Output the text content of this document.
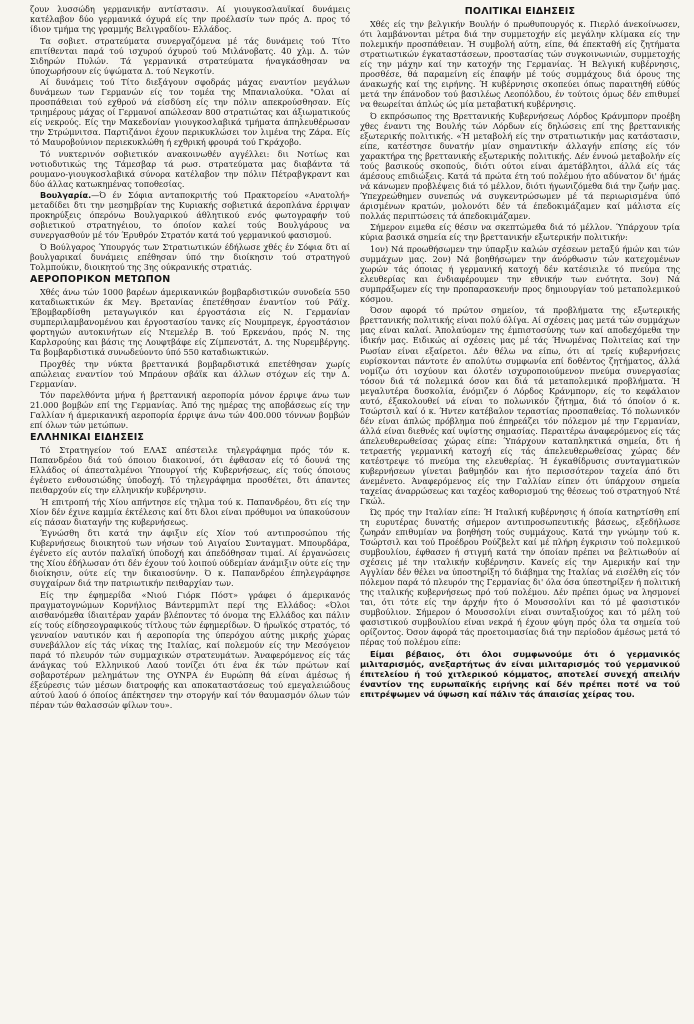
ζουν λυσσώδη γερμανικήν αντίστασιν. Αί γιουγκοσλαυϊκαί δυνάμεις κατέλαβον δύο γερμανικά όχυρά είς την προέλασίν των πρός Δ. προς τό ίδιον τμήμα της γραμμής Βελιγραδίου- Ελλάδος.

Τα σοβιετ. στρατεύματα συνεργαζόμενα μέ τάς δυνάμεις τού Τίτο επιτίθενται παρά τού ισχυρού όχυρού τού Μιλάνοβατς. 40 χλμ. Δ. τών Σιδηρών Πυλών. Τά γερμανικά στρατεύματα ήναγκάσθησαν να ύποχωρήσουν είς ύψώματα Δ. τού Νεγκοτίν.

Αί δυνάμεις τού Τίτο διεξάγουν σφοδράς μάχας εναντίον μεγάλων δυνάμεων των Γερμανών είς τον τομέα της Μπανιαλούκα. "Ολαι αί προσπάθειαι τού εχθρού νά είσδύση είς την πόλιν απεκρούσθησαν. Είς τριημέρους μάχας οί Γερμανοί απώλεσαν 800 στρατιώτας και άξιωματικούς είς νεκρούς. Είς την Μακεδονίαν γιουγκοσλαβικά τμήματα άπηλευθέρωσαν την Στρώμνιτσα. Παρτιζάνοι έχουν περικυκλώσει τον λιμένα της Ζάρα. Είς τό Μαυροβούνιον περιεκυκλώθη ή εχθρική φρουρά τού Γκράχοβο.

Τό νυκτερινόν σοβιετικόν ανακοινωθέν αγγέλλει: διι Νοτίως και νοτιοδυτικώς της Τάμεσβαρ τά ρωσ. στρατεύματα μας διαβάντα τά ρουμανο-γιουγκοσλαβικά σύνορα κατέλαβον την πόλιν Πέτραβγκραντ και δύο άλλας κατωκημένας τοποθεσίας.

Βουλγαρία.—Ό έν Σόφια ανταποκριτής τού Πρακτορείου «Ανατολή» μεταδίδει δτι την μεσημβρίαν της Κυριακής σοβιετικά άεροπλάνα έρριψαν προκηρύξεις όπερόνω Βουλγαρικού άθλητικού ενός φωτογραφήν τού σοβιετικού στρατηγέιου, το όποίον καλεί τούς Βουλγάρους να συνεργασθούν μέ τόν Έρυθρόν Στρατόν κατά τού γερμανικού φασισμού.

Ό Βούλγαρος Ύπουργός των Στρατιωτικών έδήλωσε χθές έν Σόφια δτι αί βουλγαρικαί δυνάμεις επέθησαν ύπό την διοίκησιν τού στρατηγού Τολμπούκιν, διοικητού της 3ης ούκρανικής στρατιάς.

ΑΕΡΟΠΟΡΙΚΟΝ ΜΕΤΩΠΟΝ

Χθές άνω τών 1000 βαρέων άμερικανικών βομβαρδιστικών συνοδεία 550 καταδιωκτικών έκ Μεγ. Βρετανίας έπετέθησαν έναντίον τού Ράϊχ. Έβομβαρδίσθη μεταγωγικόν και έργοστάσια είς Ν. Γερμανίαν συμπεριλαμβανομένου και έργοστασίου τανκς είς Νουμπρεγκ, έργοστάσιον φορτηγών αυτοκινήτων είς Ντεμελέρ Β. τού Ερκενάου, πρός Ν. της Καρλσρούης και βάσις της Λουφτβάφε είς Ζίμπενστάτ, Δ. της Νυρεμβέργης. Τα βομβαρδιστικά συνωδεύοντο ύπό 550 καταδιωκτικών.

Προχθές την νύκτα βρεττανικά βομβαρδιστικά επετέθησαν χωρίς απώλειας εναντίον τού Μπράουν σβάϊκ και άλλων στόχων είς την Δ. Γερμανίαν.

Τόν παρελθόντα μήνα ή βρεττανική αεροπορία μόνον έρριψε άνω των 21.000 βομβών επί της Γερμανίας. Άπό της ημέρας της αποβάσεως είς την Γαλλίαν ή άμερικανική αεροπορία έρριψε άνω τών 400.000 τόννων βομβών επί όλων τών μετώπων.

ΕΛΛΗΝΙΚΑΙ ΕΙΔΗΣΕΙΣ

Τό Στρατηγείον τού ΕΛΑΣ απέστειλε τηλεγράφημα πρός τόν κ. Παπανδρέου διά τού όποιου διακοινοί, ότι έφθασαν είς τό δουνά της Ελλάδος οί άπεσταλμένοι Ύπουργοί τής Κυβερνήσεως, είς τούς όποιους έγένετο ενθουσιώδης ύποδοχή. Τό τηλεγράφημα προσθέτει, δτι άπαντες πειθαρχούν είς την ελληνικήν κυβέρνησιν.

Ή επιτροπή τής Χίου απήντησε είς τηλμα τού κ. Παπανδρέου, δτι είς την Χίον δέν έχινε καμμία έκτέλεσις καί δτι δλοι είναι πρόθυμοι να ύπακούσουν είς πάσαν διαταγήν της κυβερνήσεως.

Έγνώσθη δτι κατά την άφιξιν είς Χίον τού αντιπροσώπου τής Κυβερνήσεως διοικητού των νήσων τού Αιγαίου Συνταγματ. Μπουρδάρα, έγένετο είς αυτόν παλαϊκή ύποδοχή και άπεδόθησαν τιμαί. Αί έργανώσεις της Χίου έδήλωσαν ότι δέν έχουν τού λοιπού ούδεμίαν άνάμιξιν ούτε είς την διοίκησιν, ούτε είς την δικαιοσύνην. Ό κ. Παπανδρέου έπηλεγράφησε συγχαίρων διά την πατριωτικήν πειθαρχίαν των.

Είς την έφημερίδα «Νιού Γιόρκ Πόστ» γράφει ό άμερικανός πραγματογνώμων Κορνήλιος Βάντερμπιλτ περί της Ελλάδος: «Όλοι αισθανόμεθα ίδιαιτέραν χαράν βλέποντες τό όνομα της Ελλάδος και πάλιν είς τούς είδησεογραφικούς τίτλους τών έφημερίδων. Ό ήρωϊκός στρατός, τό γενναίον ναυτικόν και ή αεροπορία της ύπερόχου αύτης μικρής χώρας συνεβάλλον είς τάς νίκας της Ιταλίας, καί πολεμούν είς την Μεσόγειον παρά τό πλευρόν τών συμμαχικών στρατευμάτων. Άναφερόμενος είς τάς άνάγκας τού Ελληνικού Λαού τονίζει ότι ένα έκ τών πρώτων καί σοβαροτέρων μελημάτων της ΟΥΝΡΑ έν Ευρώπη θά είναι άμέσως ή έξεύρεσις τών μέσων διατροφής και αποκαταστάσεως τού εμεγαλειώδους αύτού λαού ό όποίος άπέκτησεν την στοργήν καί τόν θαυμασμόν όλων τών πέραν τών θαλασσών φίλων του».

ΠΟΛΙΤΙΚΑΙ ΕΙΔΗΣΕΙΣ

Χθές είς την βελγικήν Βουλήν ό πρωθυπουργός κ. Πιερλό άνεκοίνωσεν, ότι λαμβάνονται μέτρα διά την συμμετοχήν είς μεγάλην κλίμακα είς την πολεμικήν προσπάθειαν. Ή συμβολή αύτη, είπε, θά έπεκταθή είς ζητήματα στρατιωτικών έγκαταστάσεων, προστασίας τών συγκοινωνιών, συμμετοχής είς την μάχην καί την κατοχήν της Γερμανίας. Ή Βελγική κυβέρνησις, προσθέσε, θά παραμείνη είς έπαφήν μέ τούς συμμάχους διά όρους της άνακωχής καί της ειρήνης. Ή κυβέρνησις σκοπεύει όπως παραιτηθή εύθύς μετά την έπάνοδον τού βασιλέως Λεοπόλδου, έν τούτοις όμως δέν επιθυμεί να θεωρείται άπλώς ώς μία μεταβατική κυβέρνησις.

Ό εκπρόσωπος της Βρεττανικής Κυβερνήσεως Λόρδος Κράνμπορν προέβη χθες έναντι της Βουλής τών Λόρδων είς δηλώσεις επί της βρεττανικής εξωτερικής πολιτικής. «Ή μεταβολή είς την στρατιωτικήν μας κατάστασιν, είπε, κατέστησε δυνατήν μίαν σημαντικήν άλλαγήν επίσης είς τόν χαρακτήρα της βρεττανικής εξωτερικής πολιτικής. Δέν έννοώ μεταβολήν είς τούς βασικούς σκοπούς, διότι ούτοι είναι άμετάβλητοι, άλλά είς τάς άμέσους επιδιώξεις. Κατά τά πρώτα έτη τού πολέμου ήτο αδύνατον δι' ήμάς νά κάνωμεν προβλέψεις διά τό μέλλον, διότι ήγωνιζόμεθα διά την ζωήν μας. Ύπεχρεώθημεν συνεπώς νά συγκεντρώσωμεν μέ τά περιωρισμένα ύπό άρισμένων κρατών, μολονότι δέν τά έπεδοκιμάζαμεν καί μάλιστα είς πολλάς περιπτώσεις τά άπεδοκιμάζαμεν.

Σήμερον ειμεθα είς θέσιν να σκεπτώμεθα διά τό μέλλον. Ύπάρχουν τρία κύρια βασικά σημεία είς την βρεττανικήν εξωτερικήν πολιτικήν:

1ον) Νά προωθήσωμεν την ύπαρξιν καλών σχέσεων μεταξύ ήμών και τών συμμάχων μας. 2ον) Νά βοηθήσωμεν την άνόρθωσιν τών κατεχομένων χωρών τάς όποιας ή γερμανική κατοχή δέν κατέσιειλε τό πνεύμα της ελευθερίας και ένδιαφέρουμεν την εθνικήν των ενότητα. 3ον) Νά συμπράξωμεν είς την προπαρασκευήν προς δημιουργίαν τού μεταπολεμικού κόσμου.

Όσον αφορά τό πρώτον σημείον, τά προβλήματα της εξωτερικής βρεττανικής πολιτικής είναι πολύ όλίγα. Αί σχέσεις μας μετά τών συμμάχων μας είναι καλαί. Άπολαύομεν της έμπιστοσύνης των καί αποδεχόμεθα την ίδικήν μας. Ειδικώς αί σχέσεις μας μέ τάς Ήνωμένας Πολιτείας καί την Ρωσίαν είναι εξαίρετοι. Δέν θέλω να είπω, ότι αί τρείς κυβερνήσεις ευρίσκονται πάντοτε έν απολύτω συμφωνία επί δοθέντος ζητήματος, άλλά νομίζω ότι ισχύουν και όλοτέν ισχυροποιούμενον πνεύμα συνεργασίας τόσον διά τά πολεμικά όσον και διά τά μεταπολεμικά προβλήματα. Ή μεγαλυτέρα δυσκολία, ένόμιζεν ό Λόρδος Κράνμπορν, είς το κεφάλαιον αυτό, έξακολουθεί νά είναι το πολωνικόν ζήτημα, διά τό όποίον ό κ. Τσώρτσιλ καί ό κ. Ήντεν κατέβαλον τεραστίας προσπαθείας. Τό πολωνικόν δέν είναι άπλώς πρόβλημα πού έπηρεάζει τόν πόλεμον μέ την Γερμανίαν, άλλά είναι διεθνές καί υψίστης σημασίας. Περαιτέρω άναφερόμενος είς τάς άπελευθερωθείσας χώρας είπε: Ύπάρχουν καταπληκτικά σημεία, δτι ή τετραετής γερμανική κατοχή είς τάς άπελευθερωθείσας χώρας δέν κατέστρεψε τό πνεύμα της ελευθερίας. Ή έγκαθίδρυσις συνταγματικών κυβερνήσεων γίνεται βαθμηδόν και ήτο περισσότερον ταχεία άπό δτι άνεμένετο. Άναφερόμενος είς την Γαλλίαν είπεν ότι ύπάρχουν σημεία ταχείας άναρρώσεως και ταχέος καθορισμού της θέσεως τού στρατηγού Ντέ Γκώλ.

Ώς πρός την Ιταλίαν είπε: Ή Ιταλική κυβέρνησις ή όποία κατηρτίσθη επί τη ευρυτέρας δυνατής σήμερον αντιπροσωπευτικής βάσεως, εξεδήλωσε ζωηράν επιθυμίαν να βοηθήση τούς συμμάχους. Κατά την γνώμην τού κ. Τσώρτσιλ και τού Προέδρου Ρούζβελτ καί μέ πλήρη έγκρισιν τού πολεμικού συμβουλίου, έφθασεν ή στιγμή κατά την όποίαν πρέπει να βελτιωθούν αί σχέσεις μέ την ιταλικήν κυβέρνησιν. Κανείς είς την Αμερικήν καί την Αγγλίαν δέν θέλει να ύποστηρίξη τό διάβημα της Ιταλίας νά εισέλθη είς τόν πόλεμον παρά τό πλευρόν της Γερμανίας δι' όλα όσα ύπεστηρίξεν ή πολιτική της ιταλικής κυβερνήσεως πρό τού πολέμου. Δέν πρέπει όμως να λησμονεί ται, ότι τότε είς την άρχήν ήτο ό Μουσσολίνι και τό μέ φασιστικόν συμβούλιον. Σήμερον ό Μουσσολίνι είναι συνταξιούχος και τό μέλη τού φασιστικού συμβουλίου είναι νεκρά ή έχουν φύγη πρός όλα τα σημεία τού ορίζοντος. Όσον άφορά τάς προετοιμασίας διά την περίοδον άμέσως μετά τό πέρας τού πολέμου είπε:

Είμαι βέβαιος, ότι όλοι συμφωνούμε ότι ό γερμανικός μιλιταρισμός, ανεξαρτήτως άν είναι μιλιταρισμός τού γερμανικού έπιτελείου ή τού χιτλερικού κόμματος, αποτελεί συνεχή απειλήν έναντίον της ευρωπαϊκής ειρήνης καί δέν πρέπει ποτέ να τού επιτρέψωμεν νά ύψωση καί πάλιν τάς άπαισίας χείρας του.
